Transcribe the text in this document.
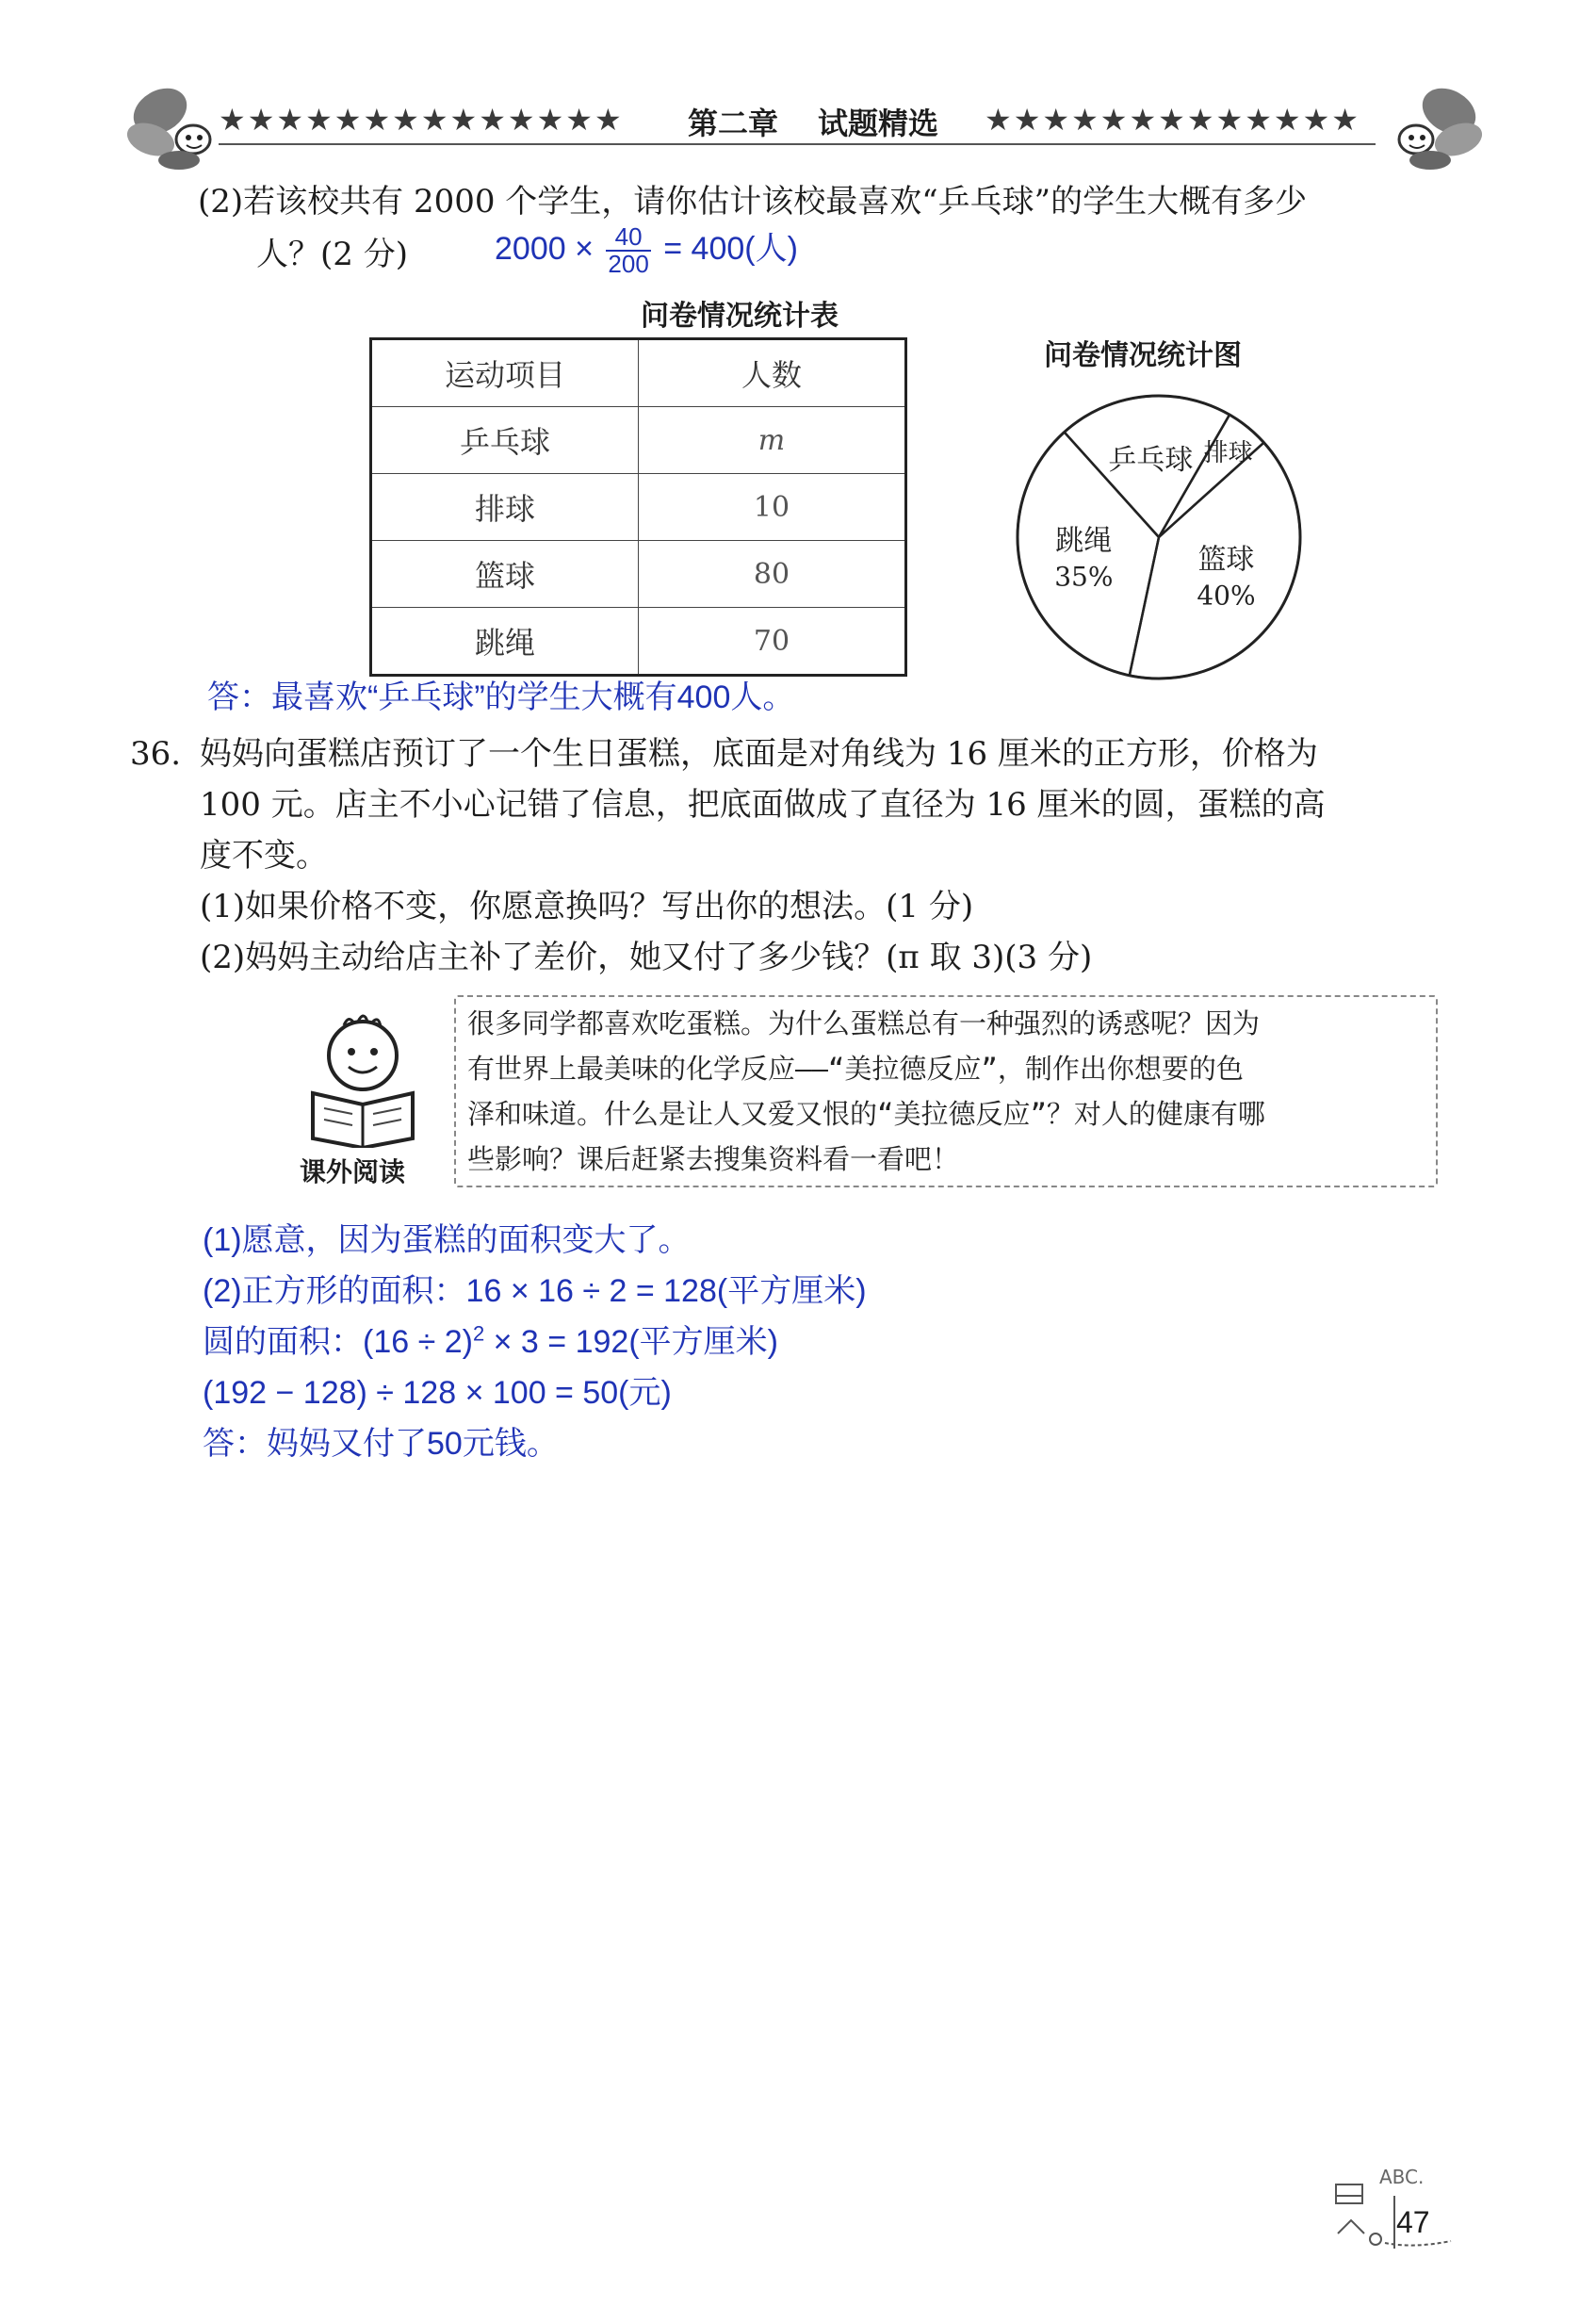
★★★★★★★★★★★★★★ 第二章 试题精选 ★★★★★★★★★★★★★
(2)若该校共有 2000 个学生，请你估计该校最喜欢“乒乓球”的学生大概有多少
人？(2 分)	$2000 \times \frac{40}{200} = 400$(人)
问卷情况统计表
运动项目	人数
乒乓球	m
排球	10
篮球	80
跳绳	70
问卷情况统计图
跳绳
35%
乒乓球 排球
篮球
40%
答：最喜欢“乒乓球”的学生大概有400人。
36. 妈妈向蛋糕店预订了一个生日蛋糕，底面是对角线为 16 厘米的正方形，价格为
100 元。店主不小心记错了信息，把底面做成了直径为 16 厘米的圆，蛋糕的高
度不变。
(1)如果价格不变，你愿意换吗？写出你的想法。(1 分)
(2)妈妈主动给店主补了差价，她又付了多少钱？(π 取 3)(3 分)
课外阅读
很多同学都喜欢吃蛋糕。为什么蛋糕总有一种强烈的诱惑呢？因为
有世界上最美味的化学反应——“美拉德反应”，制作出你想要的色
泽和味道。什么是让人又爱又恨的“美拉德反应”？对人的健康有哪
些影响？课后赶紧去搜集资料看一看吧！
(1)愿意，因为蛋糕的面积变大了。
(2)正方形的面积：16 × 16 ÷ 2 = 128(平方厘米)
圆的面积：$(16 \div 2)^2 \times 3 = 192$(平方厘米)
(192 − 128) ÷ 128 × 100 = 50(元)
答：妈妈又付了50元钱。
ABC.
47
